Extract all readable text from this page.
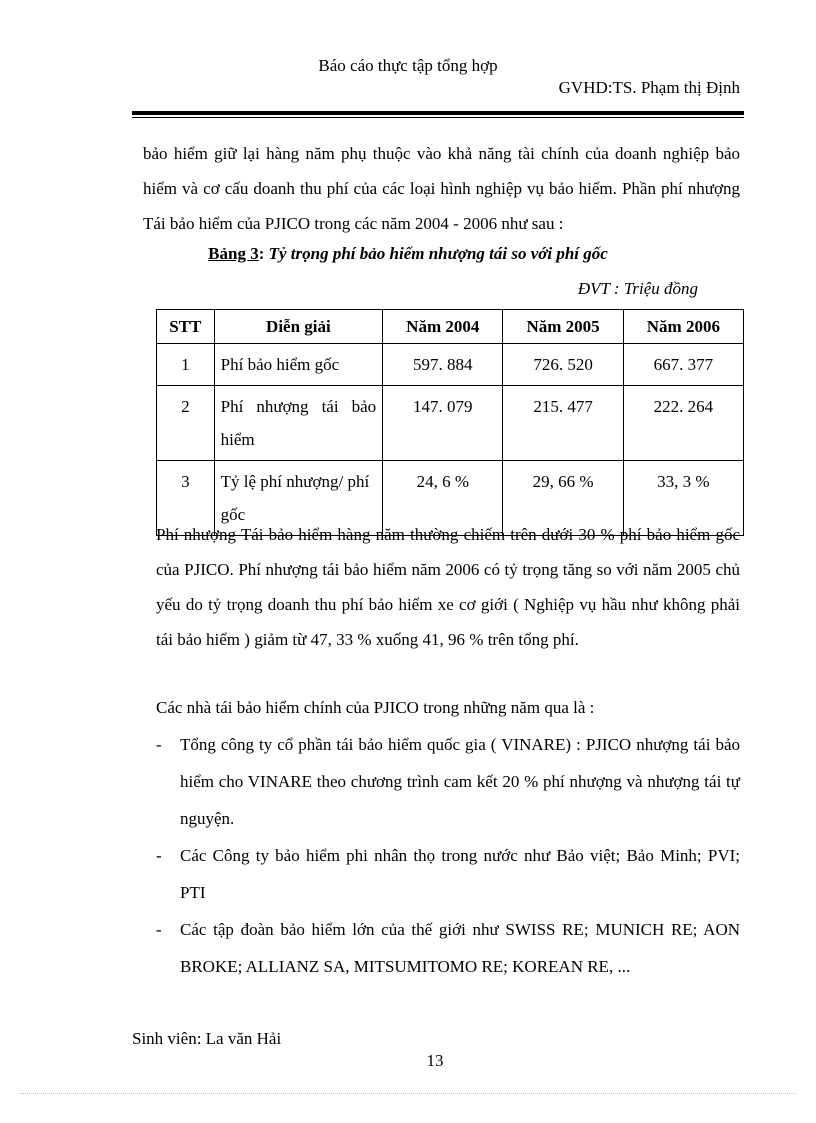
Báo cáo thực tập tổng hợp
GVHD:TS. Phạm thị Định

bảo hiểm giữ lại hàng năm phụ thuộc vào khả năng tài chính của doanh nghiệp bảo hiểm và cơ cấu doanh thu phí của các loại hình nghiệp vụ bảo hiểm. Phần phí nhượng Tái bảo hiểm của PJICO trong các năm 2004 - 2006 như sau :

Bảng 3: Tỷ trọng phí bảo hiểm nhượng tái so với phí gốc
ĐVT : Triệu đồng
STT	Diễn giải	Năm 2004	Năm 2005	Năm 2006
1	Phí bảo hiểm gốc	597. 884	726. 520	667. 377
2	Phí nhượng tái bảo hiểm	147. 079	215. 477	222. 264
3	Tỷ lệ phí nhượng/ phí gốc	24, 6 %	29, 66 %	33, 3 %

Phí nhượng Tái bảo hiểm hàng năm thường chiếm trên dưới 30 % phí bảo hiểm gốc của PJICO. Phí nhượng tái bảo hiểm năm 2006 có tỷ trọng tăng so với năm 2005 chủ yếu do tỷ trọng doanh thu phí bảo hiểm xe cơ giới ( Nghiệp vụ hầu như không phải tái bảo hiểm ) giảm từ 47, 33 % xuống 41, 96 % trên tổng phí.

Các nhà tái bảo hiểm chính của PJICO trong những năm qua là :

- Tổng công ty cổ phần tái bảo hiểm quốc gia ( VINARE) : PJICO nhượng tái bảo hiểm cho VINARE theo chương trình cam kết 20 % phí nhượng và nhượng tái tự nguyện.
- Các Công ty bảo hiểm phi nhân thọ trong nước như Bảo việt; Bảo Minh; PVI; PTI
- Các tập đoàn bảo hiểm lớn của thế giới như SWISS RE; MUNICH RE; AON BROKE; ALLIANZ SA, MITSUMITOMO RE; KOREAN RE, ...
Sinh viên: La văn Hải
13
